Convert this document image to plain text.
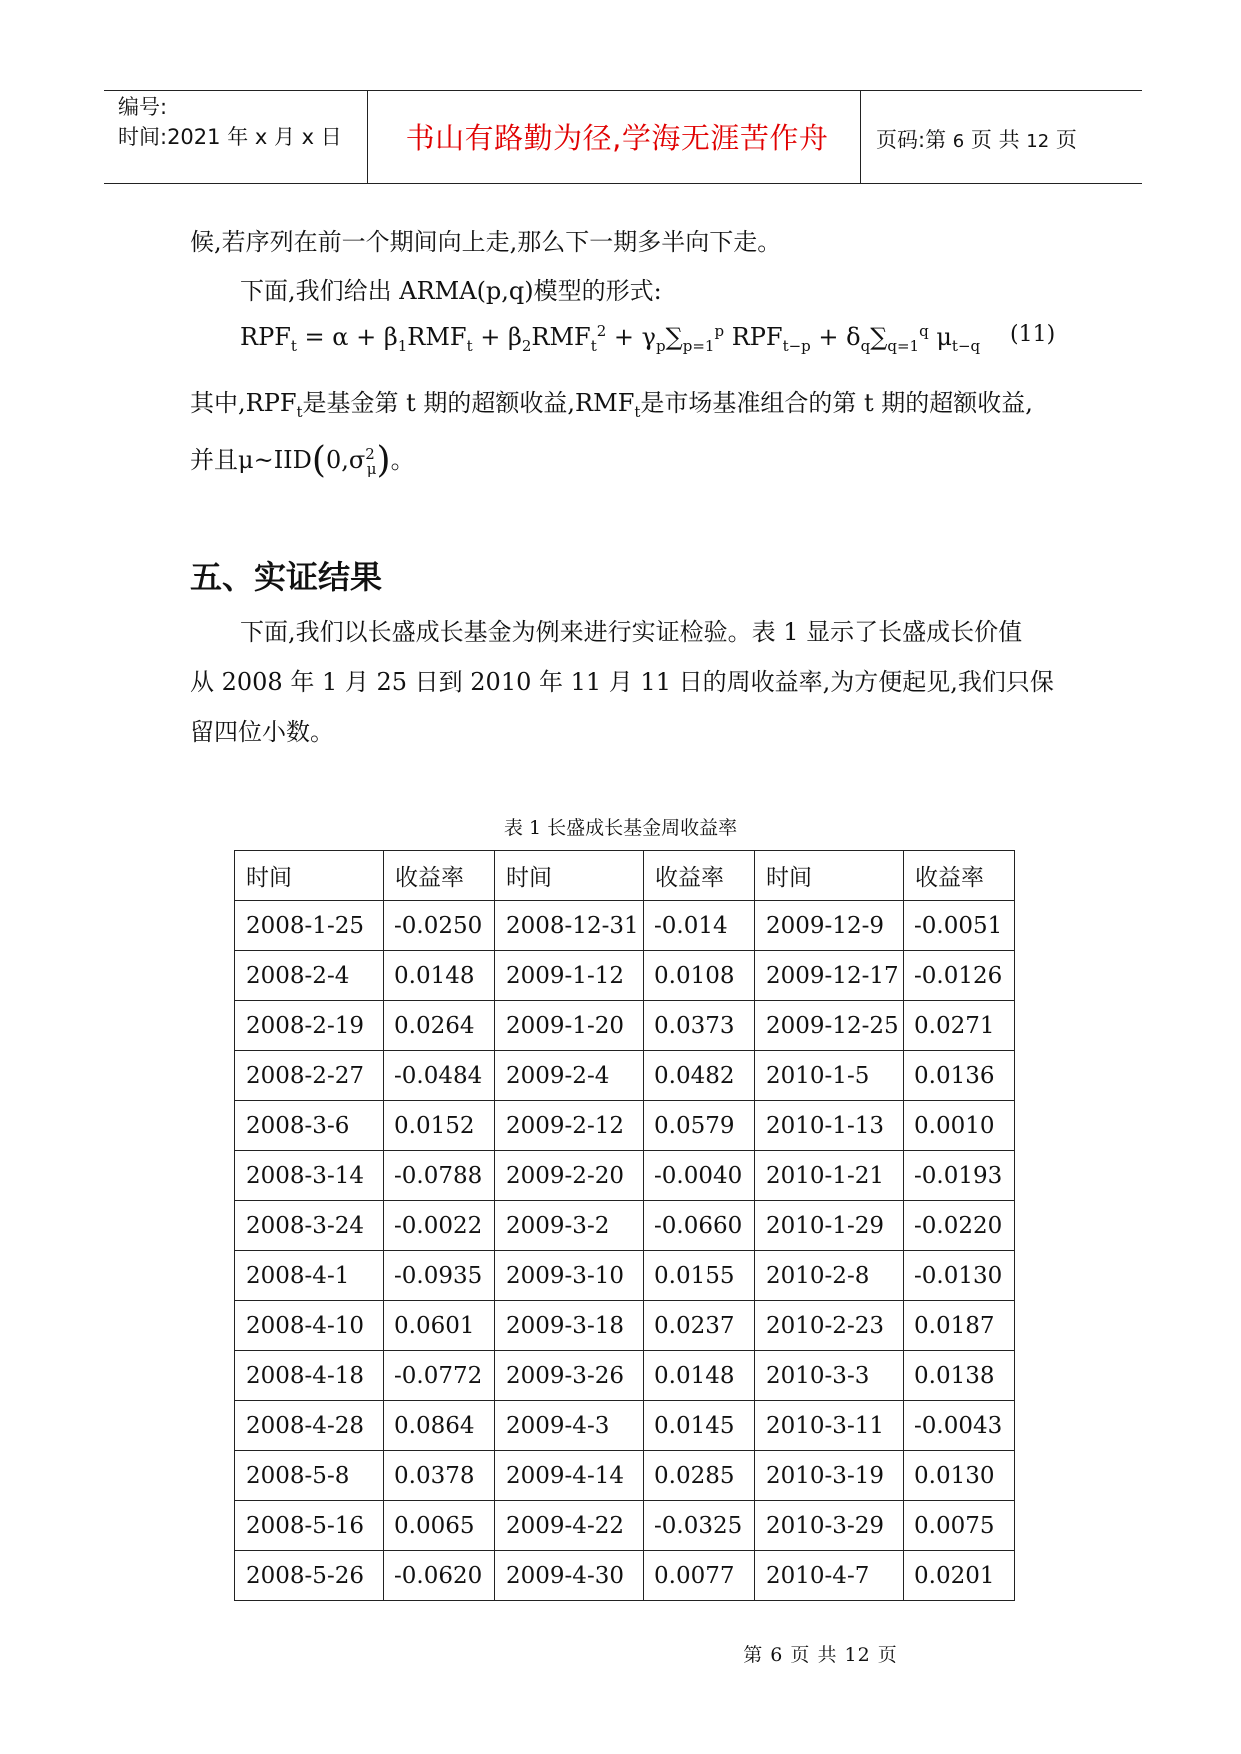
编号:
时间:2021 年 x 月 x 日	书山有路勤为径,学海无涯苦作舟	页码:第 6 页 共 12 页
候,若序列在前一个期间向上走,那么下一期多半向下走。
下面,我们给出 ARMA(p,q)模型的形式:
$RPF_t = \alpha + \beta_1RMF_t + \beta_2RMF_t^2 + \gamma_p\sum_{p=1}^p$ $RPF_{t-p} + \delta_q\sum_{q=1}^q$ $\mu_{t-q}$ (11)
其中$,RPF_t$是基金第 t 期的超额收益$,RMF_t$是市场基准组合的第 t 期的超额收益,
并且$\mu\sim IID(0,\sigma^2_\mu)$。
五、实证结果
下面,我们以长盛成长基金为例来进行实证检验。表 1 显示了长盛成长价值
从 2008 年 1 月 25 日到 2010 年 11 月 11 日的周收益率,为方便起见,我们只保
留四位小数。
表 1 长盛成长基金周收益率
时间	收益率	时间	收益率	时间	收益率
2008-1-25	-0.0250	2008-12-31	-0.014	2009-12-9	-0.0051
2008-2-4	0.0148	2009-1-12	0.0108	2009-12-17	-0.0126
2008-2-19	0.0264	2009-1-20	0.0373	2009-12-25	0.0271
2008-2-27	-0.0484	2009-2-4	0.0482	2010-1-5	0.0136
2008-3-6	0.0152	2009-2-12	0.0579	2010-1-13	0.0010
2008-3-14	-0.0788	2009-2-20	-0.0040	2010-1-21	-0.0193
2008-3-24	-0.0022	2009-3-2	-0.0660	2010-1-29	-0.0220
2008-4-1	-0.0935	2009-3-10	0.0155	2010-2-8	-0.0130
2008-4-10	0.0601	2009-3-18	0.0237	2010-2-23	0.0187
2008-4-18	-0.0772	2009-3-26	0.0148	2010-3-3	0.0138
2008-4-28	0.0864	2009-4-3	0.0145	2010-3-11	-0.0043
2008-5-8	0.0378	2009-4-14	0.0285	2010-3-19	0.0130
2008-5-16	0.0065	2009-4-22	-0.0325	2010-3-29	0.0075
2008-5-26	-0.0620	2009-4-30	0.0077	2010-4-7	0.0201
第 6 页 共 12 页
